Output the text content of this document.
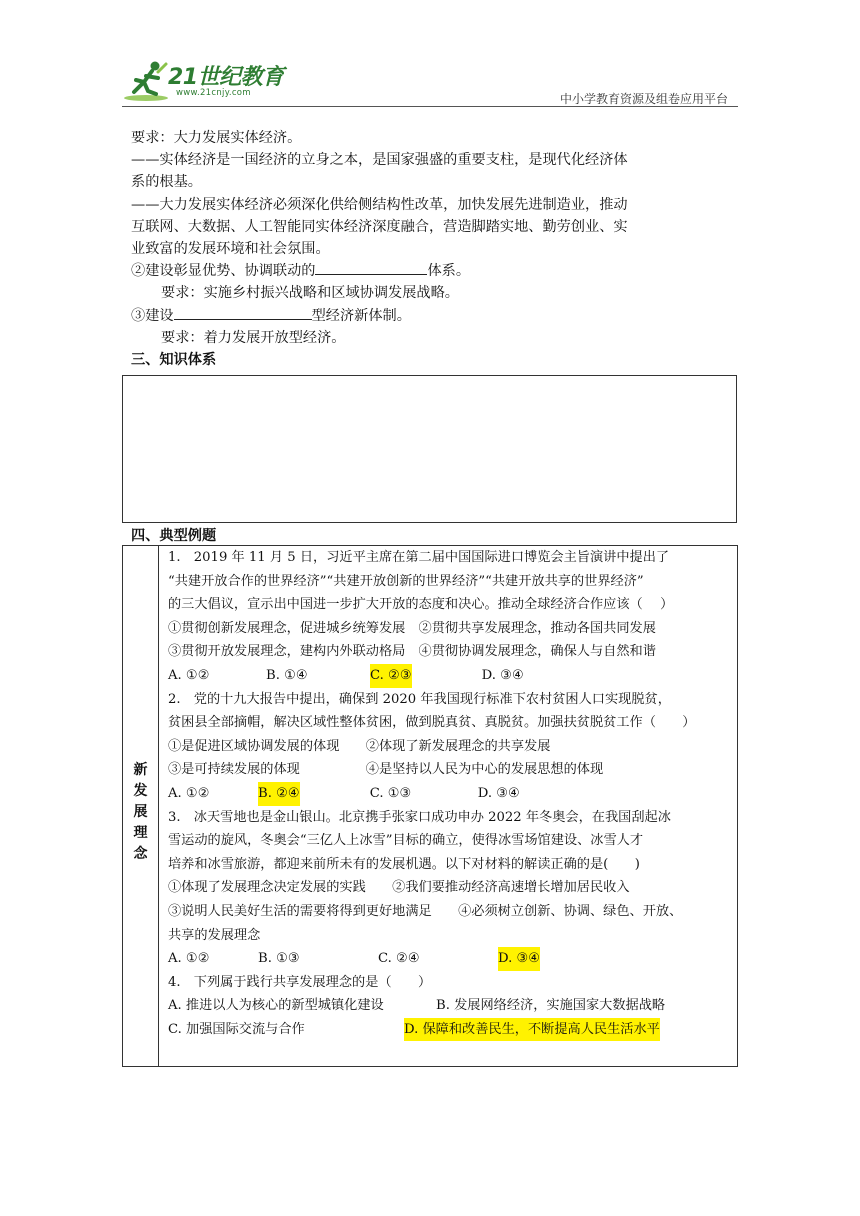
21世纪教育
www.21cnjy.com	中小学教育资源及组卷应用平台

要求：大力发展实体经济。

——实体经济是一国经济的立身之本，是国家强盛的重要支柱，是现代化经济体

系的根基。

——大力发展实体经济必须深化供给侧结构性改革，加快发展先进制造业，推动

互联网、大数据、人工智能同实体经济深度融合，营造脚踏实地、勤劳创业、实

业致富的发展环境和社会氛围。

②建设彰显优势、协调联动的	体系。

要求：实施乡村振兴战略和区域协调发展战略。

③建设	型经济新体制。

要求：着力发展开放型经济。

三、知识体系

四、典型例题
新
发
展
理
念

1.　2019 年 11 月 5 日，习近平主席在第二届中国国际进口博览会主旨演讲中提出了

“共建开放合作的世界经济”“共建开放创新的世界经济”“共建开放共享的世界经济”

的三大倡议，宣示出中国进一步扩大开放的态度和决心。推动全球经济合作应该（　 ）

①贯彻创新发展理念，促进城乡统筹发展　②贯彻共享发展理念，推动各国共同发展

③贯彻开放发展理念，建构内外联动格局　④贯彻协调发展理念，确保人与自然和谐

A. ①②	B. ①④	C. ②③	D. ③④

2.　党的十九大报告中提出，确保到 2020 年我国现行标准下农村贫困人口实现脱贫，

贫困县全部摘帽，解决区域性整体贫困，做到脱真贫、真脱贫。加强扶贫脱贫工作（　　）

①是促进区域协调发展的体现　　②体现了新发展理念的共享发展

③是可持续发展的体现　　　　　④是坚持以人民为中心的发展思想的体现

A. ①②	B. ②④	C. ①③	D. ③④

3.　冰天雪地也是金山银山。北京携手张家口成功申办 2022 年冬奥会，在我国刮起冰

雪运动的旋风，冬奥会“三亿人上冰雪”目标的确立，使得冰雪场馆建设、冰雪人才

培养和冰雪旅游，都迎来前所未有的发展机遇。以下对材料的解读正确的是(　　)

①体现了发展理念决定发展的实践　　②我们要推动经济高速增长增加居民收入

③说明人民美好生活的需要将得到更好地满足　　④必须树立创新、协调、绿色、开放、

共享的发展理念

A. ①②	B. ①③	C. ②④	D. ③④

4.　下列属于践行共享发展理念的是（　　）

A. 推进以人为核心的新型城镇化建设	B. 发展网络经济，实施国家大数据战略

C. 加强国际交流与合作	D. 保障和改善民生，不断提高人民生活水平
